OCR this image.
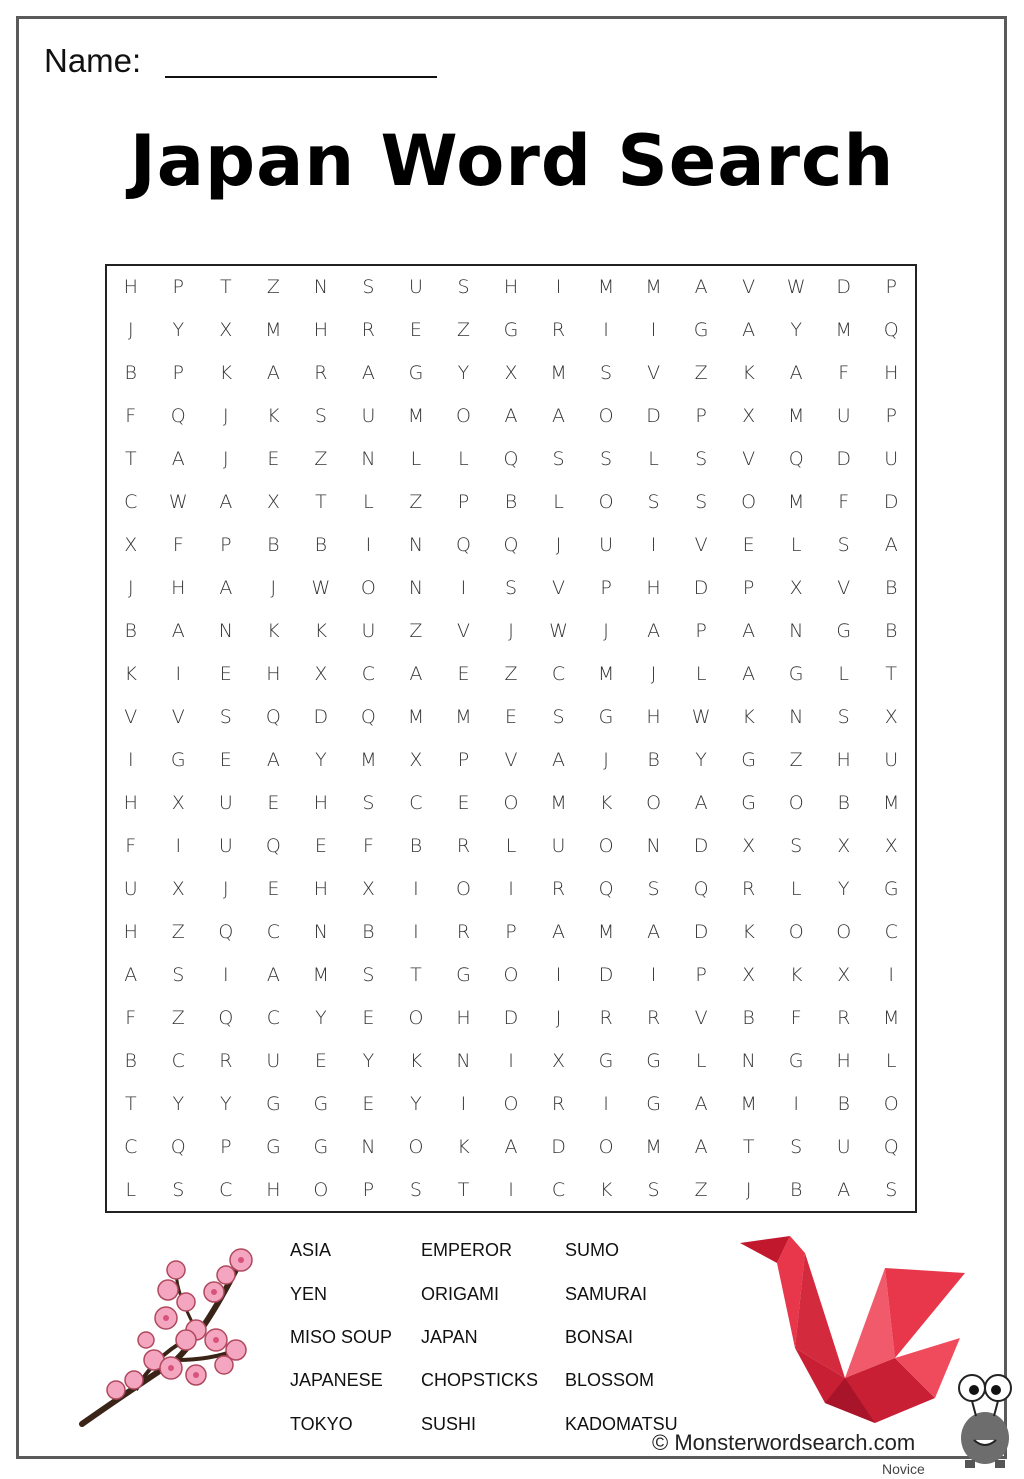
Name:
Japan Word Search
H	P	T	Z	N	S	U	S	H	I	M	M	A	V	W	D	P
J	Y	X	M	H	R	E	Z	G	R	I	I	G	A	Y	M	Q
B	P	K	A	R	A	G	Y	X	M	S	V	Z	K	A	F	H
F	Q	J	K	S	U	M	O	A	A	O	D	P	X	M	U	P
T	A	J	E	Z	N	L	L	Q	S	S	L	S	V	Q	D	U
C	W	A	X	T	L	Z	P	B	L	O	S	S	O	M	F	D
X	F	P	B	B	I	N	Q	Q	J	U	I	V	E	L	S	A
J	H	A	J	W	O	N	I	S	V	P	H	D	P	X	V	B
B	A	N	K	K	U	Z	V	J	W	J	A	P	A	N	G	B
K	I	E	H	X	C	A	E	Z	C	M	J	L	A	G	L	T
V	V	S	Q	D	Q	M	M	E	S	G	H	W	K	N	S	X
I	G	E	A	Y	M	X	P	V	A	J	B	Y	G	Z	H	U
H	X	U	E	H	S	C	E	O	M	K	O	A	G	O	B	M
F	I	U	Q	E	F	B	R	L	U	O	N	D	X	S	X	X
U	X	J	E	H	X	I	O	I	R	Q	S	Q	R	L	Y	G
H	Z	Q	C	N	B	I	R	P	A	M	A	D	K	O	O	C
A	S	I	A	M	S	T	G	O	I	D	I	P	X	K	X	I
F	Z	Q	C	Y	E	O	H	D	J	R	R	V	B	F	R	M
B	C	R	U	E	Y	K	N	I	X	G	G	L	N	G	H	L
T	Y	Y	G	G	E	Y	I	O	R	I	G	A	M	I	B	O
C	Q	P	G	G	N	O	K	A	D	O	M	A	T	S	U	Q
L	S	C	H	O	P	S	T	I	C	K	S	Z	J	B	A	S
ASIA
YEN
MISO SOUP
JAPANESE
TOKYO
EMPEROR
ORIGAMI
JAPAN
CHOPSTICKS
SUSHI
SUMO
SAMURAI
BONSAI
BLOSSOM
KADOMATSU
© Monsterwordsearch.com
Novice
